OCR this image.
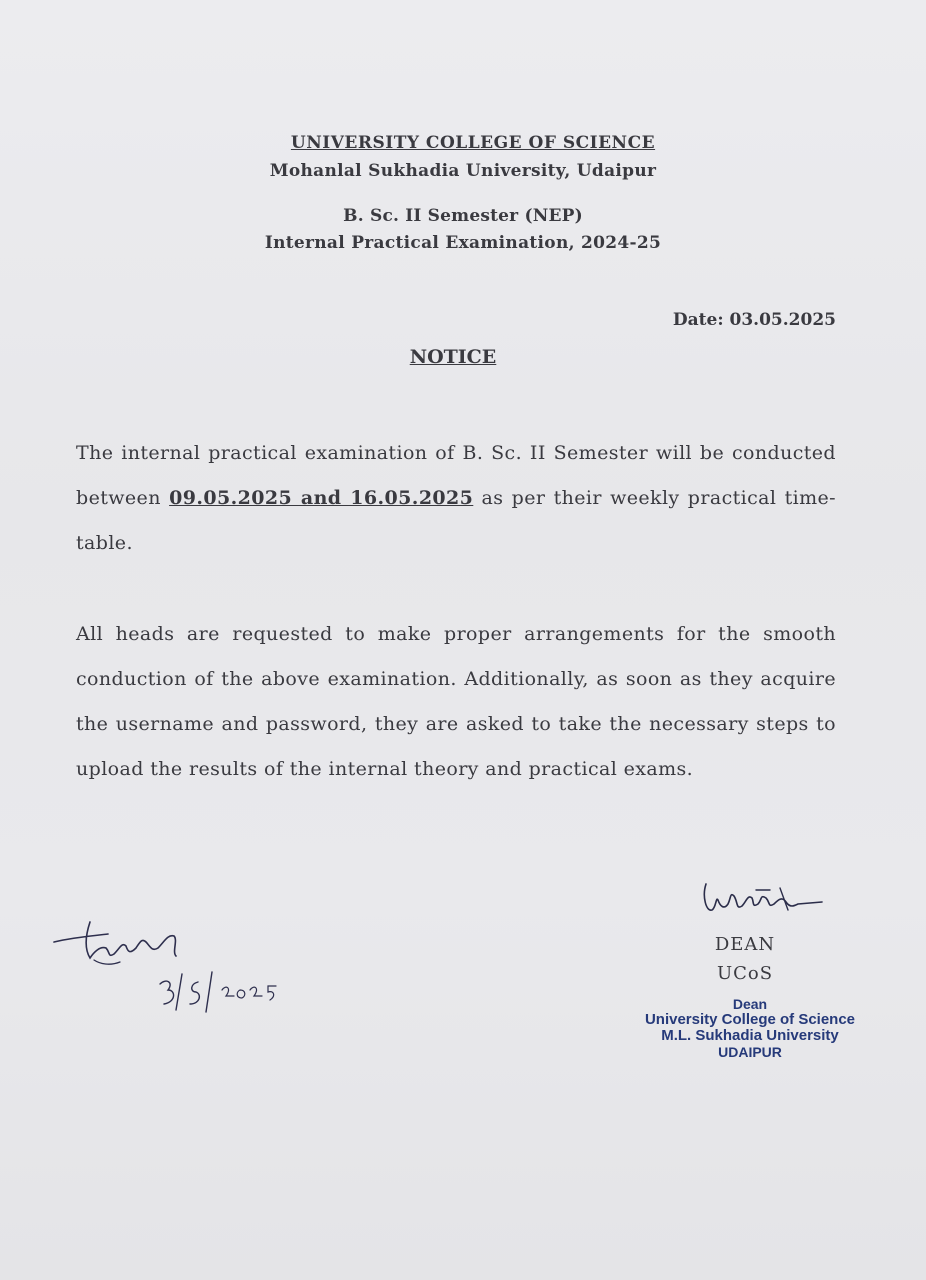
UNIVERSITY COLLEGE OF SCIENCE

Mohanlal Sukhadia University, Udaipur

B. Sc. II Semester (NEP)

Internal Practical Examination, 2024-25

Date: 03.05.2025
NOTICE

The internal practical examination of B. Sc. II Semester will be conducted between 09.05.2025 and 16.05.2025 as per their weekly practical time-table.

All heads are requested to make proper arrangements for the smooth conduction of the above examination. Additionally, as soon as they acquire the username and password, they are asked to take the necessary steps to upload the results of the internal theory and practical exams.

DEAN
UCoS
Dean
University College of Science
M.L. Sukhadia University
UDAIPUR
